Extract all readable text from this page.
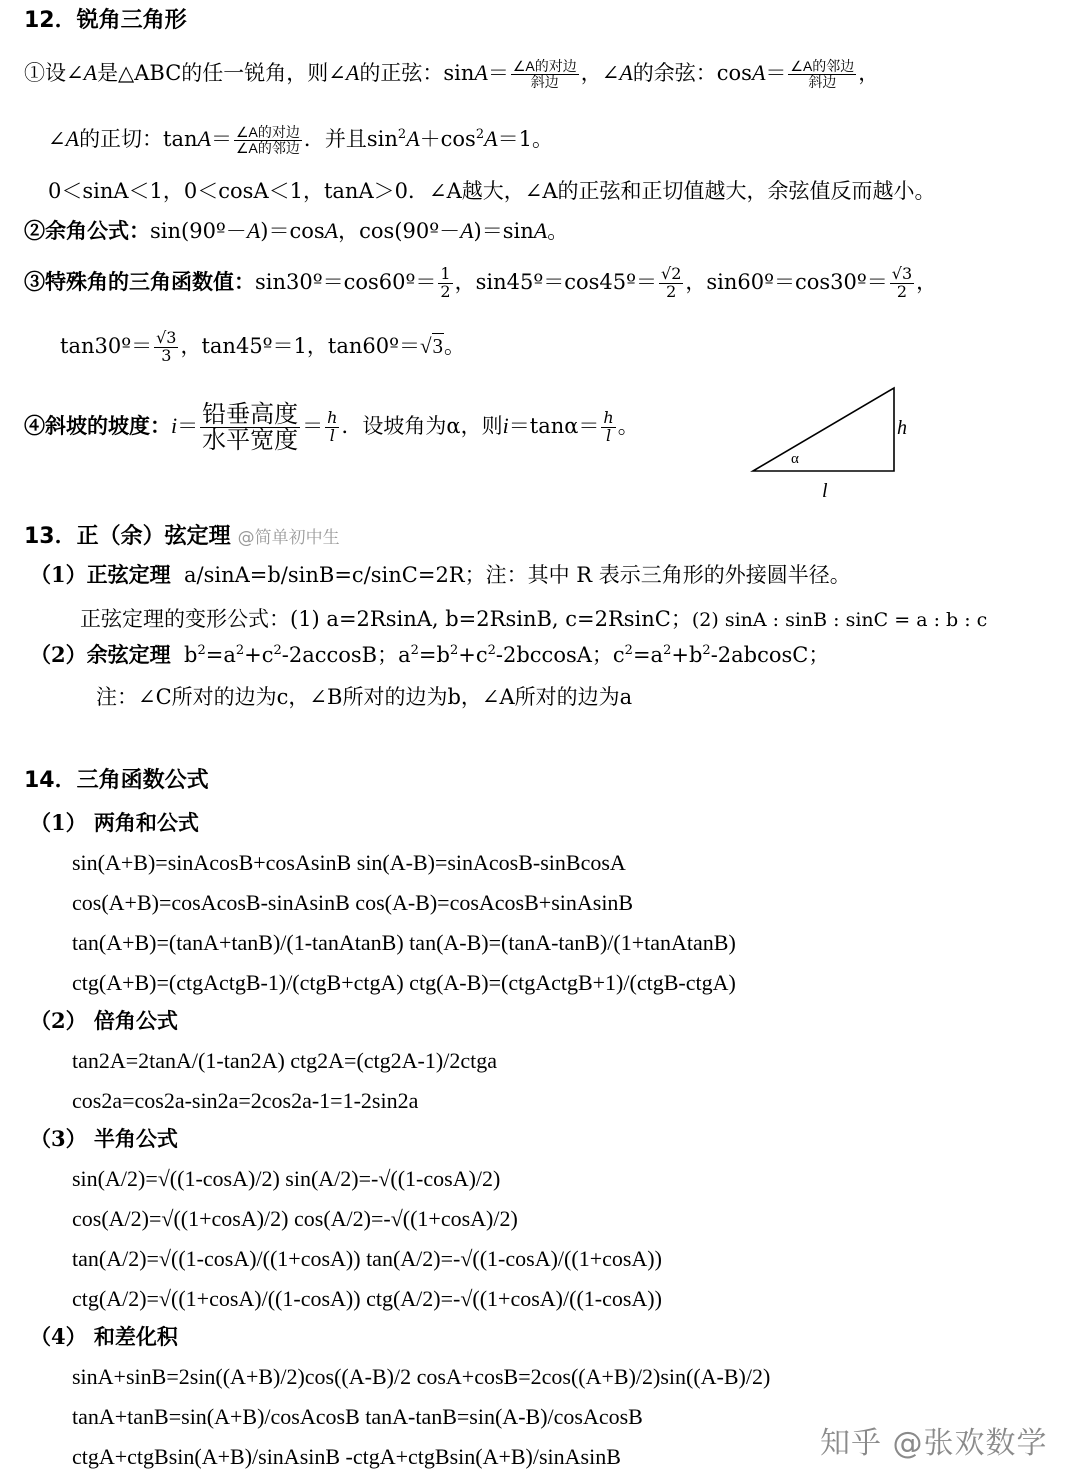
12．锐角三角形
①设∠A是△ABC的任一锐角，则∠A的正弦：$\sin A= \frac{\text{∠A的对边}}{\text{斜边}}$ ，∠A的余弦：$\cos A= \frac{\text{∠A的邻边}}{\text{斜边}}$ ，
∠A的正切：$\tan A= \frac{\text{∠A的对边}}{\text{∠A的邻边}}$ ．并且$\sin^2A+\cos^2A=1$。
0＜sinA＜1，0＜cosA＜1，tanA＞0．∠A越大，∠A的正弦和正切值越大，余弦值反而越小。
②余角公式：sin(90º－A)＝cosA，cos(90º－A)＝sinA。
③特殊角的三角函数值：sin30º＝cos60º＝ $\frac{1}{2}$ ，sin45º＝cos45º＝ $\frac{√2}{2}$ ，sin60º＝cos30º＝ $\frac{√3}{2}$ ，
tan30º＝ $\frac{√3}{3}$ ，tan45º＝1，tan60º＝√3。
④斜坡的坡度：$i= \frac{\text{铅垂高度}}{\text{水平宽度}} = \frac{h}{l}$ ．设坡角为α，则$i=\tan\alpha= \frac{h}{l}$ 。
α
h
l
13．正（余）弦定理 @简单初中生
（1）正弦定理 a/sinA=b/sinB=c/sinC=2R；注：其中 R 表示三角形的外接圆半径。
正弦定理的变形公式：(1) a=2RsinA, b=2RsinB, c=2RsinC；(2) sinA : sinB : sinC = a : b : c
（2）余弦定理 $b^2=a^2+c^2-2accosB$；$a^2=b^2+c^2-2bccosA$；$c^2=a^2+b^2-2abcosC$；
注：∠C所对的边为c，∠B所对的边为b，∠A所对的边为a
14．三角函数公式
（1） 两角和公式
sin(A+B)=sinAcosB+cosAsinB sin(A-B)=sinAcosB-sinBcosA
cos(A+B)=cosAcosB-sinAsinB cos(A-B)=cosAcosB+sinAsinB
tan(A+B)=(tanA+tanB)/(1-tanAtanB) tan(A-B)=(tanA-tanB)/(1+tanAtanB)
ctg(A+B)=(ctgActgB-1)/(ctgB+ctgA) ctg(A-B)=(ctgActgB+1)/(ctgB-ctgA)
（2） 倍角公式
tan2A=2tanA/(1-tan2A) ctg2A=(ctg2A-1)/2ctga
cos2a=cos2a-sin2a=2cos2a-1=1-2sin2a
（3） 半角公式
sin(A/2)=√((1-cosA)/2) sin(A/2)=-√((1-cosA)/2)
cos(A/2)=√((1+cosA)/2) cos(A/2)=-√((1+cosA)/2)
tan(A/2)=√((1-cosA)/((1+cosA)) tan(A/2)=-√((1-cosA)/((1+cosA))
ctg(A/2)=√((1+cosA)/((1-cosA)) ctg(A/2)=-√((1+cosA)/((1-cosA))
（4） 和差化积
sinA+sinB=2sin((A+B)/2)cos((A-B)/2 cosA+cosB=2cos((A+B)/2)sin((A-B)/2)
tanA+tanB=sin(A+B)/cosAcosB tanA-tanB=sin(A-B)/cosAcosB
ctgA+ctgBsin(A+B)/sinAsinB -ctgA+ctgBsin(A+B)/sinAsinB	知乎 @张欢数学
